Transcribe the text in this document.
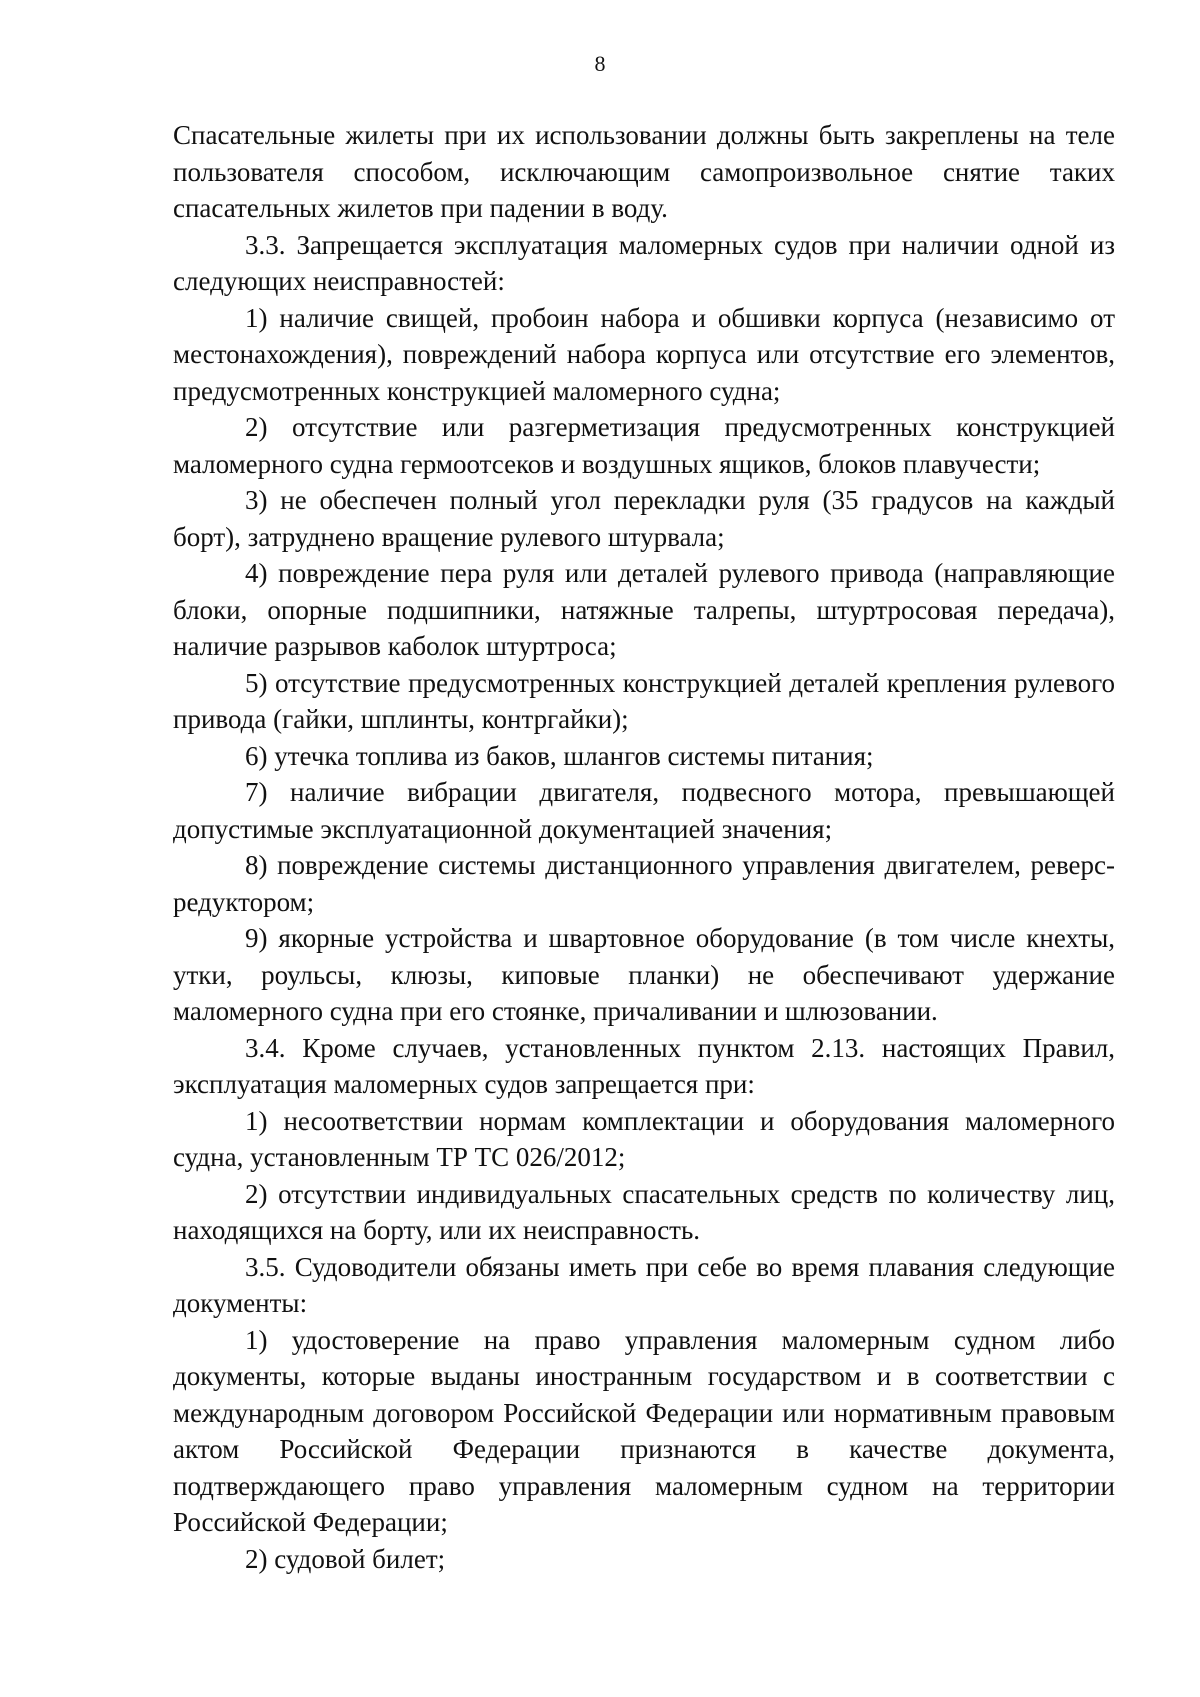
8

Спасательные жилеты при их использовании должны быть закреплены на теле пользователя способом, исключающим самопроизвольное снятие таких спасательных жилетов при падении в воду.

3.3. Запрещается эксплуатация маломерных судов при наличии одной из следующих неисправностей:

1) наличие свищей, пробоин набора и обшивки корпуса (независимо от местонахождения), повреждений набора корпуса или отсутствие его элементов, предусмотренных конструкцией маломерного судна;

2) отсутствие или разгерметизация предусмотренных конструкцией маломерного судна гермоотсеков и воздушных ящиков, блоков плавучести;

3) не обеспечен полный угол перекладки руля (35 градусов на каждый борт), затруднено вращение рулевого штурвала;

4) повреждение пера руля или деталей рулевого привода (направляющие блоки, опорные подшипники, натяжные талрепы, штуртросовая передача), наличие разрывов каболок штуртроса;

5) отсутствие предусмотренных конструкцией деталей крепления рулевого привода (гайки, шплинты, контргайки);

6) утечка топлива из баков, шлангов системы питания;

7) наличие вибрации двигателя, подвесного мотора, превышающей допустимые эксплуатационной документацией значения;

8) повреждение системы дистанционного управления двигателем, реверс-редуктором;

9) якорные устройства и швартовное оборудование (в том числе кнехты, утки, роульсы, клюзы, киповые планки) не обеспечивают удержание маломерного судна при его стоянке, причаливании и шлюзовании.

3.4. Кроме случаев, установленных пунктом 2.13. настоящих Правил, эксплуатация маломерных судов запрещается при:

1) несоответствии нормам комплектации и оборудования маломерного судна, установленным ТР ТС 026/2012;

2) отсутствии индивидуальных спасательных средств по количеству лиц, находящихся на борту, или их неисправность.

3.5. Судоводители обязаны иметь при себе во время плавания следующие документы:

1) удостоверение на право управления маломерным судном либо документы, которые выданы иностранным государством и в соответствии с международным договором Российской Федерации или нормативным правовым актом Российской Федерации признаются в качестве документа, подтверждающего право управления маломерным судном на территории Российской Федерации;

2) судовой билет;
